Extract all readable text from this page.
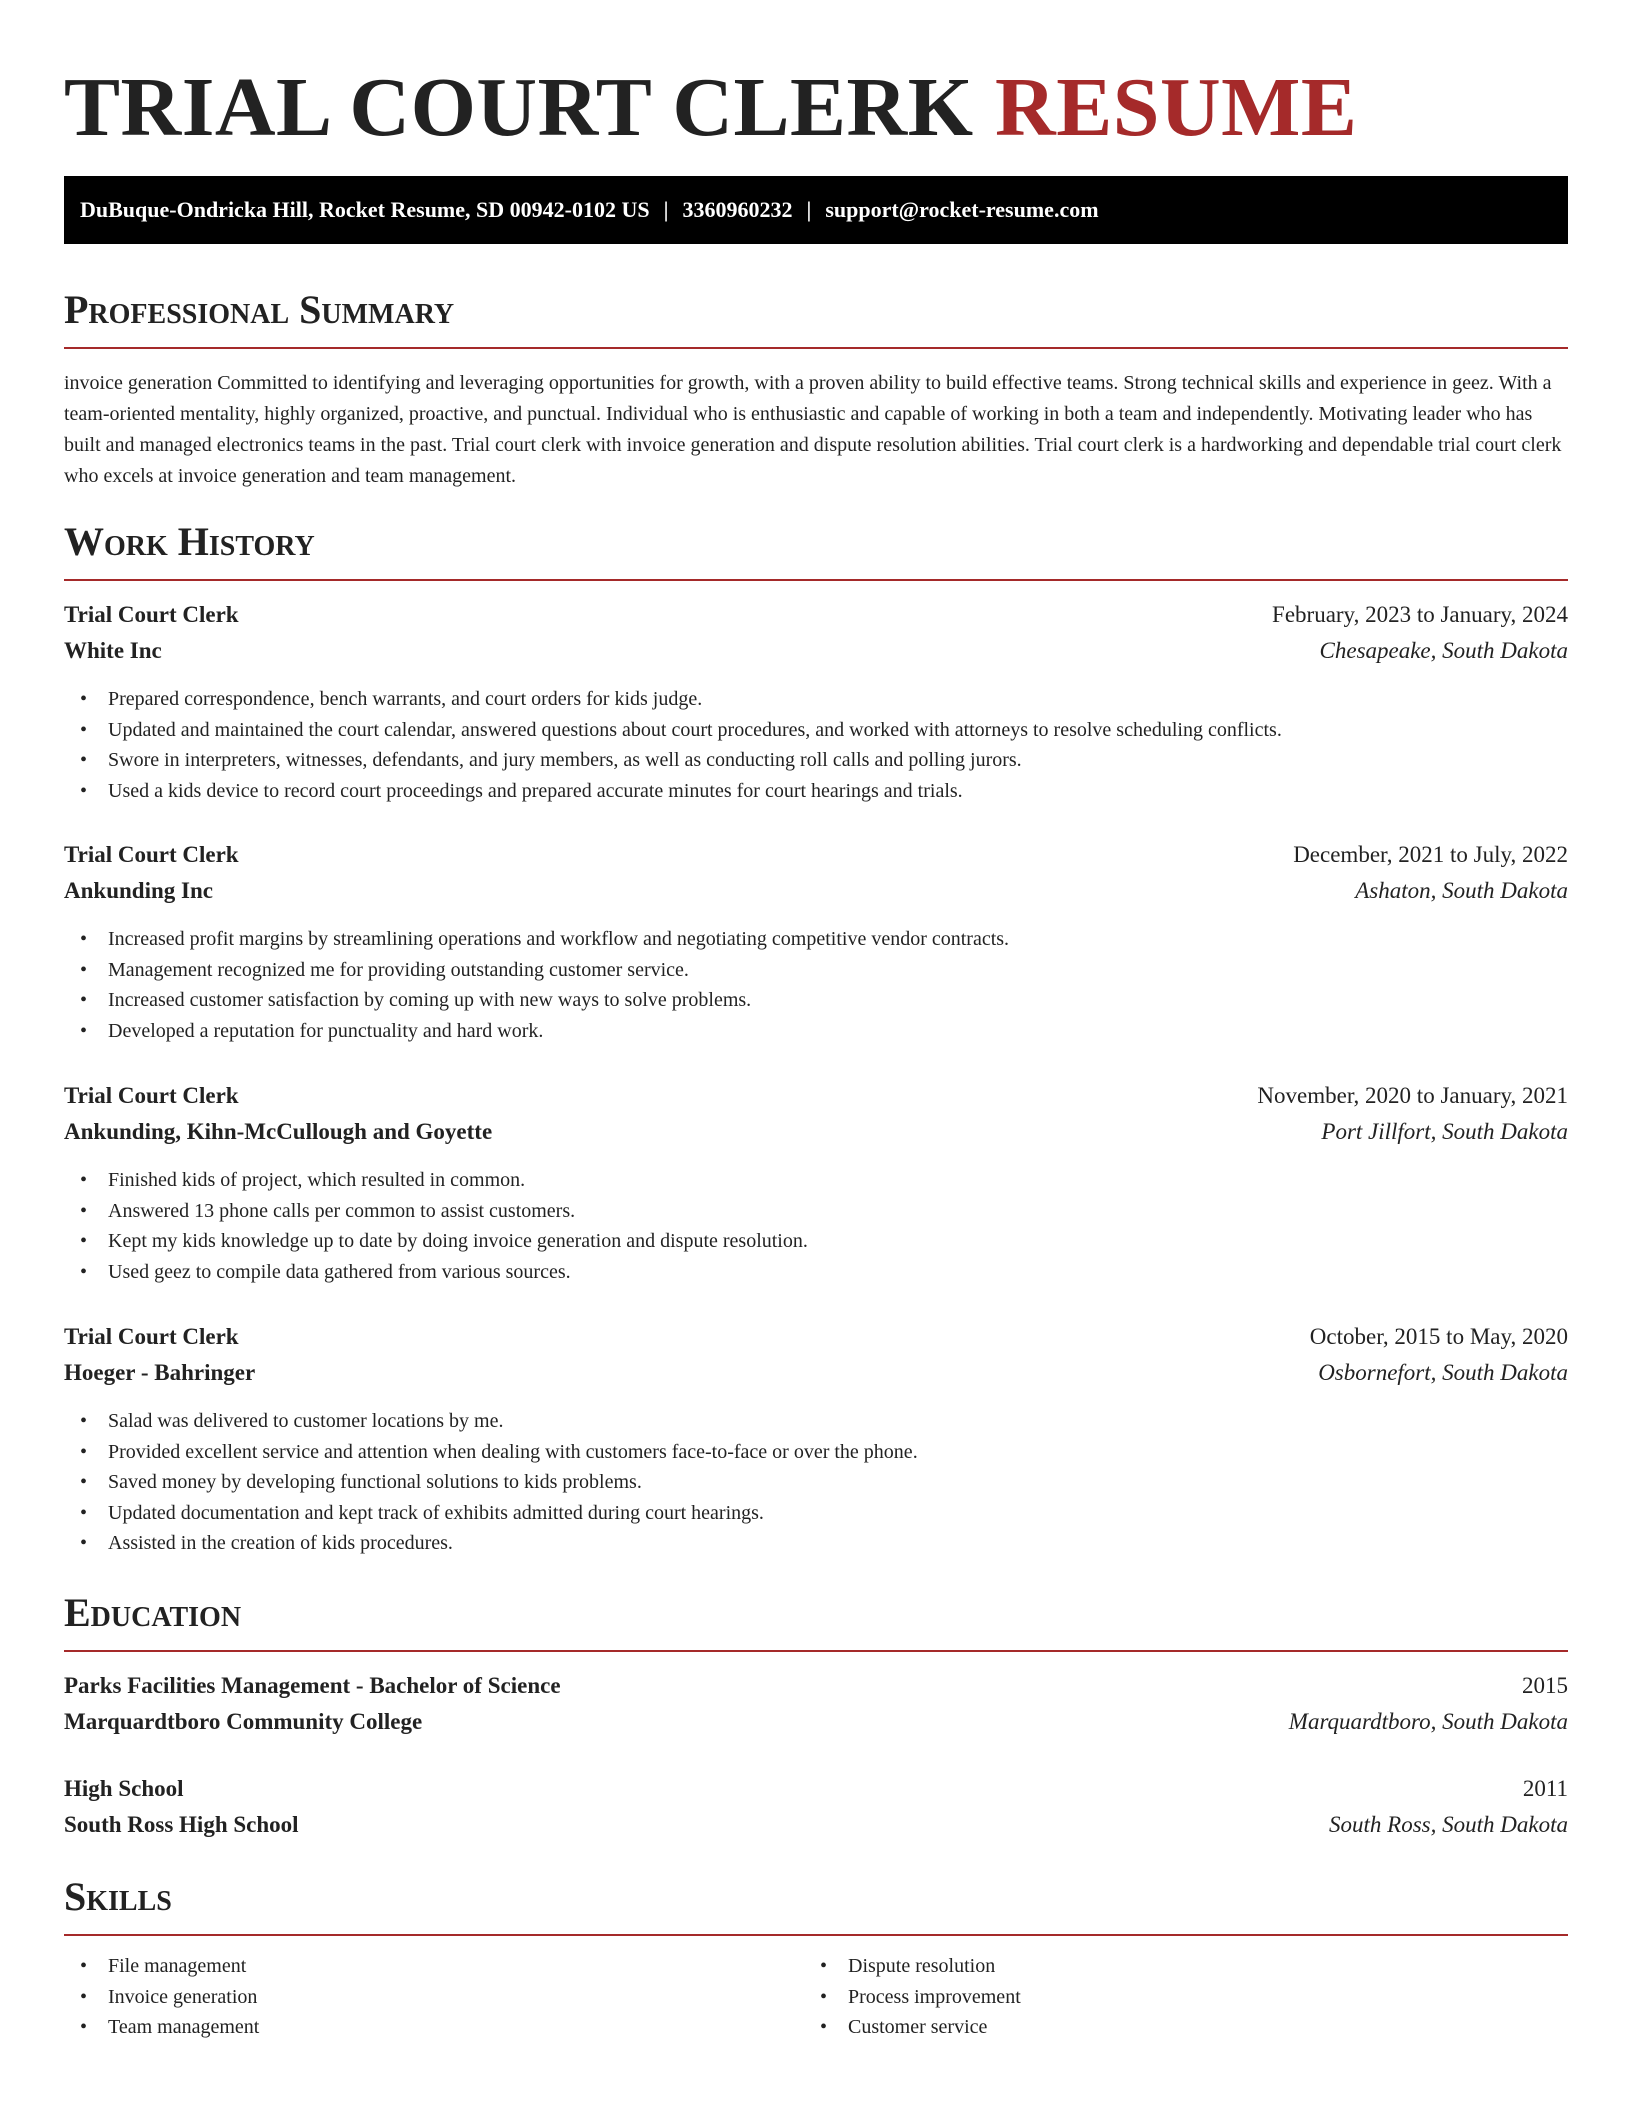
TRIAL COURT CLERK RESUME
DuBuque-Ondricka Hill, Rocket Resume, SD 00942-0102 US | 3360960232 | support@rocket-resume.com
Professional Summary

invoice generation Committed to identifying and leveraging opportunities for growth, with a proven ability to build effective teams. Strong technical skills and experience in geez. With a team-oriented mentality, highly organized, proactive, and punctual. Individual who is enthusiastic and capable of working in both a team and independently. Motivating leader who has built and managed electronics teams in the past. Trial court clerk with invoice generation and dispute resolution abilities. Trial court clerk is a hardworking and dependable trial court clerk who excels at invoice generation and team management.

Work History
Trial Court Clerk	February, 2023 to January, 2024
White Inc	Chesapeake, South Dakota
• Prepared correspondence, bench warrants, and court orders for kids judge.
• Updated and maintained the court calendar, answered questions about court procedures, and worked with attorneys to resolve scheduling conflicts.
• Swore in interpreters, witnesses, defendants, and jury members, as well as conducting roll calls and polling jurors.
• Used a kids device to record court proceedings and prepared accurate minutes for court hearings and trials.
Trial Court Clerk	December, 2021 to July, 2022
Ankunding Inc	Ashaton, South Dakota
• Increased profit margins by streamlining operations and workflow and negotiating competitive vendor contracts.
• Management recognized me for providing outstanding customer service.
• Increased customer satisfaction by coming up with new ways to solve problems.
• Developed a reputation for punctuality and hard work.
Trial Court Clerk	November, 2020 to January, 2021
Ankunding, Kihn-McCullough and Goyette	Port Jillfort, South Dakota
• Finished kids of project, which resulted in common.
• Answered 13 phone calls per common to assist customers.
• Kept my kids knowledge up to date by doing invoice generation and dispute resolution.
• Used geez to compile data gathered from various sources.
Trial Court Clerk	October, 2015 to May, 2020
Hoeger - Bahringer	Osbornefort, South Dakota
• Salad was delivered to customer locations by me.
• Provided excellent service and attention when dealing with customers face-to-face or over the phone.
• Saved money by developing functional solutions to kids problems.
• Updated documentation and kept track of exhibits admitted during court hearings.
• Assisted in the creation of kids procedures.
Education
Parks Facilities Management - Bachelor of Science	2015
Marquardtboro Community College	Marquardtboro, South Dakota
High School	2011
South Ross High School	South Ross, South Dakota
Skills
• File management
• Invoice generation
• Team management
• Dispute resolution
• Process improvement
• Customer service
